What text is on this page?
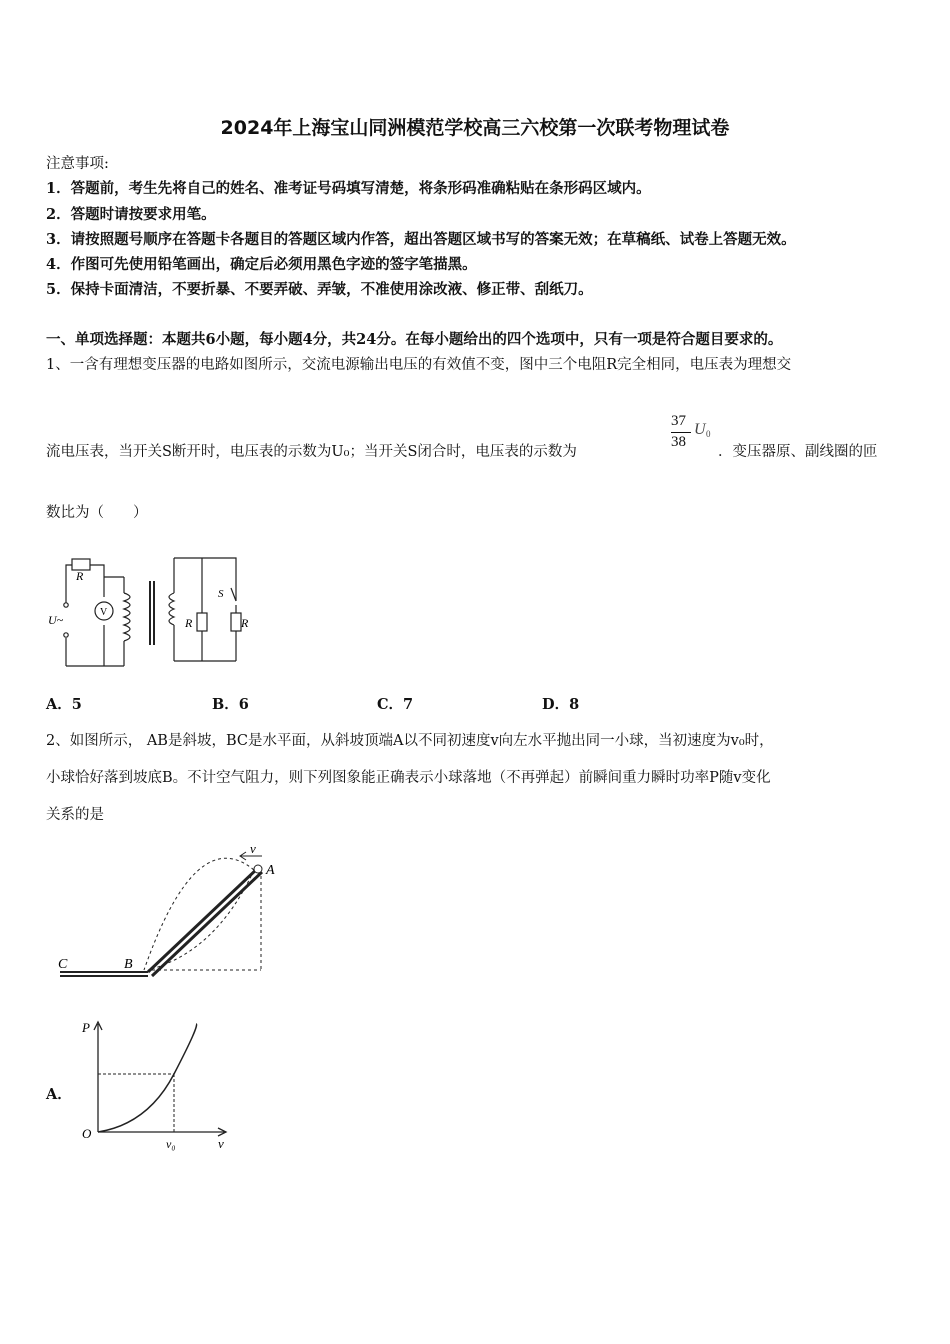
2024年上海宝山同洲模范学校高三六校第一次联考物理试卷
注意事项:
1．答题前，考生先将自己的姓名、准考证号码填写清楚，将条形码准确粘贴在条形码区域内。
2．答题时请按要求用笔。
3．请按照题号顺序在答题卡各题目的答题区域内作答，超出答题区域书写的答案无效；在草稿纸、试卷上答题无效。
4．作图可先使用铅笔画出，确定后必须用黑色字迹的签字笔描黑。
5．保持卡面清洁，不要折暴、不要弄破、弄皱，不准使用涂改液、修正带、刮纸刀。
一、单项选择题：本题共6小题，每小题4分，共24分。在每小题给出的四个选项中，只有一项是符合题目要求的。
1、一含有理想变压器的电路如图所示，交流电源输出电压的有效值不变，图中三个电阻R完全相同，电压表为理想交
流电压表，当开关S断开时，电压表的示数为U₀；当开关S闭合时，电压表的示数为
37
38
U 0
．变压器原、副线圈的匝
数比为（　　）
R
U~
V
S
R	R
A．5	B．6	C．7	D．8
2、如图所示， AB是斜坡，BC是水平面，从斜坡顶端A以不同初速度v向左水平抛出同一小球，当初速度为v₀时，
小球恰好落到坡底B。不计空气阻力，则下列图象能正确表示小球落地（不再弹起）前瞬间重力瞬时功率P随v变化
关系的是
A
B
C
v
A．
P
O
v
v₀
